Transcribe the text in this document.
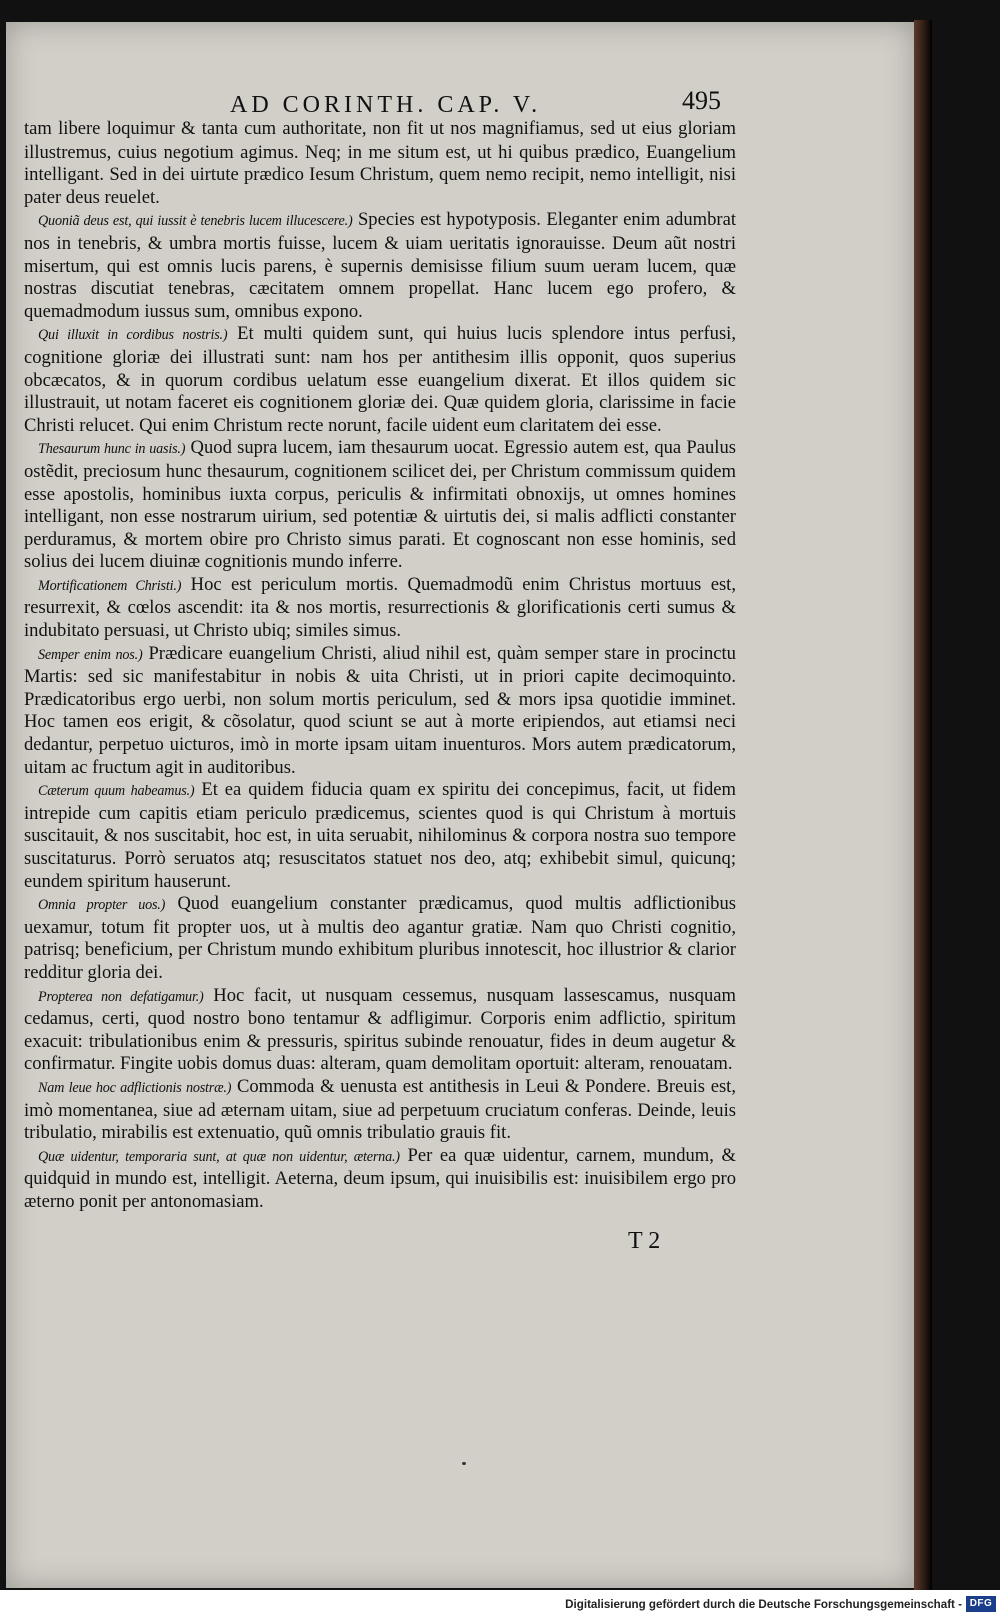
AD CORINTH. CAP. V.	495

tam libere loquimur & tanta cum authoritate, non fit ut nos magnifiamus, sed ut eius gloriam illustremus, cuius negotium agimus. Neq; in me situm est, ut hi quibus prædico, Euangelium intelligant. Sed in dei uirtute prædico Iesum Christum, quem nemo recipit, nemo intelligit, nisi pater deus reuelet.

Quoniã deus est, qui iussit è tenebris lucem illucescere.) Species est hypotyposis. Eleganter enim adumbrat nos in tenebris, & umbra mortis fuisse, lucem & uiam ueritatis ignorauisse. Deum aũt nostri misertum, qui est omnis lucis parens, è supernis demisisse filium suum ueram lucem, quæ nostras discutiat tenebras, cæcitatem omnem propellat. Hanc lucem ego profero, & quemadmodum iussus sum, omnibus expono.

Qui illuxit in cordibus nostris.) Et multi quidem sunt, qui huius lucis splendore intus perfusi, cognitione gloriæ dei illustrati sunt: nam hos per antithesim illis opponit, quos superius obcæcatos, & in quorum cordibus uelatum esse euangelium dixerat. Et illos quidem sic illustrauit, ut notam faceret eis cognitionem gloriæ dei. Quæ quidem gloria, clarissime in facie Christi relucet. Qui enim Christum recte norunt, facile uident eum claritatem dei esse.

Thesaurum hunc in uasis.) Quod supra lucem, iam thesaurum uocat. Egressio autem est, qua Paulus ostẽdit, preciosum hunc thesaurum, cognitionem scilicet dei, per Christum commissum quidem esse apostolis, hominibus iuxta corpus, periculis & infirmitati obnoxijs, ut omnes homines intelligant, non esse nostrarum uirium, sed potentiæ & uirtutis dei, si malis adflicti constanter perduramus, & mortem obire pro Christo simus parati. Et cognoscant non esse hominis, sed solius dei lucem diuinæ cognitionis mundo inferre.

Mortificationem Christi.) Hoc est periculum mortis. Quemadmodũ enim Christus mortuus est, resurrexit, & cœlos ascendit: ita & nos mortis, resurrectionis & glorificationis certi sumus & indubitato persuasi, ut Christo ubiq; similes simus.

Semper enim nos.) Prædicare euangelium Christi, aliud nihil est, quàm semper stare in procinctu Martis: sed sic manifestabitur in nobis & uita Christi, ut in priori capite decimoquinto. Prædicatoribus ergo uerbi, non solum mortis periculum, sed & mors ipsa quotidie imminet. Hoc tamen eos erigit, & cõsolatur, quod sciunt se aut à morte eripiendos, aut etiamsi neci dedantur, perpetuo uicturos, imò in morte ipsam uitam inuenturos. Mors autem prædicatorum, uitam ac fructum agit in auditoribus.

Cæterum quum habeamus.) Et ea quidem fiducia quam ex spiritu dei concepimus, facit, ut fidem intrepide cum capitis etiam periculo prædicemus, scientes quod is qui Christum à mortuis suscitauit, & nos suscitabit, hoc est, in uita seruabit, nihilominus & corpora nostra suo tempore suscitaturus. Porrò seruatos atq; resuscitatos statuet nos deo, atq; exhibebit simul, quicunq; eundem spiritum hauserunt.

Omnia propter uos.) Quod euangelium constanter prædicamus, quod multis adflictionibus uexamur, totum fit propter uos, ut à multis deo agantur gratiæ. Nam quo Christi cognitio, patrisq; beneficium, per Christum mundo exhibitum pluribus innotescit, hoc illustrior & clarior redditur gloria dei.

Propterea non defatigamur.) Hoc facit, ut nusquam cessemus, nusquam lassescamus, nusquam cedamus, certi, quod nostro bono tentamur & adfligimur. Corporis enim adflictio, spiritum exacuit: tribulationibus enim & pressuris, spiritus subinde renouatur, fides in deum augetur & confirmatur. Fingite uobis domus duas: alteram, quam demolitam oportuit: alteram, renouatam.

Nam leue hoc adflictionis nostræ.) Commoda & uenusta est antithesis in Leui & Pondere. Breuis est, imò momentanea, siue ad æternam uitam, siue ad perpetuum cruciatum conferas. Deinde, leuis tribulatio, mirabilis est extenuatio, quũ omnis tribulatio grauis fit.

Quæ uidentur, temporaria sunt, at quæ non uidentur, æterna.) Per ea quæ uidentur, carnem, mundum, & quidquid in mundo est, intelligit. Aeterna, deum ipsum, qui inuisibilis est: inuisibilem ergo pro æterno ponit per antonomasiam.

T 2
Digitalisierung gefördert durch die Deutsche Forschungsgemeinschaft - DFG
